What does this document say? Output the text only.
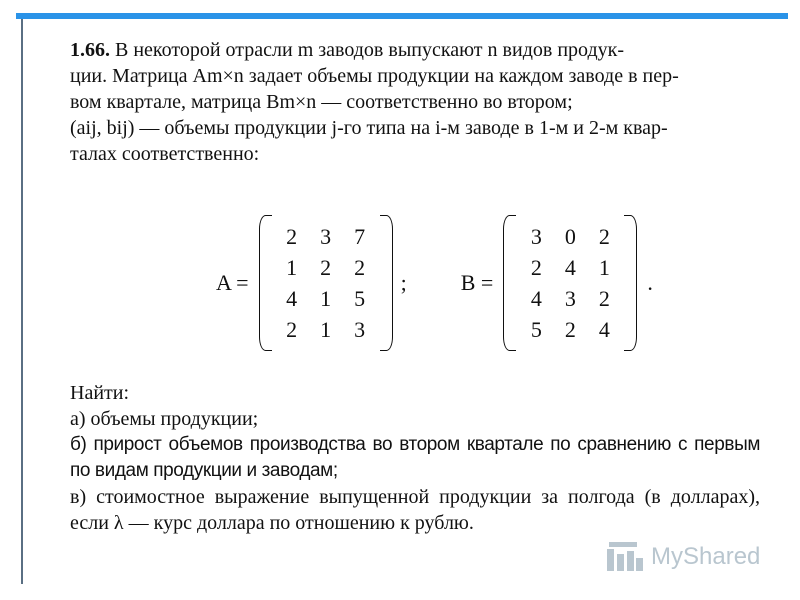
1.66. В некоторой отрасли m заводов выпускают n видов продук-

ции. Матрица Am×n задает объемы продукции на каждом заводе в пер-

вом квартале, матрица Bm×n — соответственно во втором;

(aij, bij) — объемы продукции j-го типа на i-м заводе в 1-м и 2-м квар-

талах соответственно:

A =
2	3	7
1	2	2
4	1	5
2	1	3
; B =
3	0	2
2	4	1
4	3	2
5	2	4
.
Найти:
а) объемы продукции;
б) прирост объемов производства во втором квартале по сравнению с первым по видам продукции и заводам;
в) стоимостное выражение выпущенной продукции за полгода (в долларах), если λ — курс доллара по отношению к рублю.
MyShared
